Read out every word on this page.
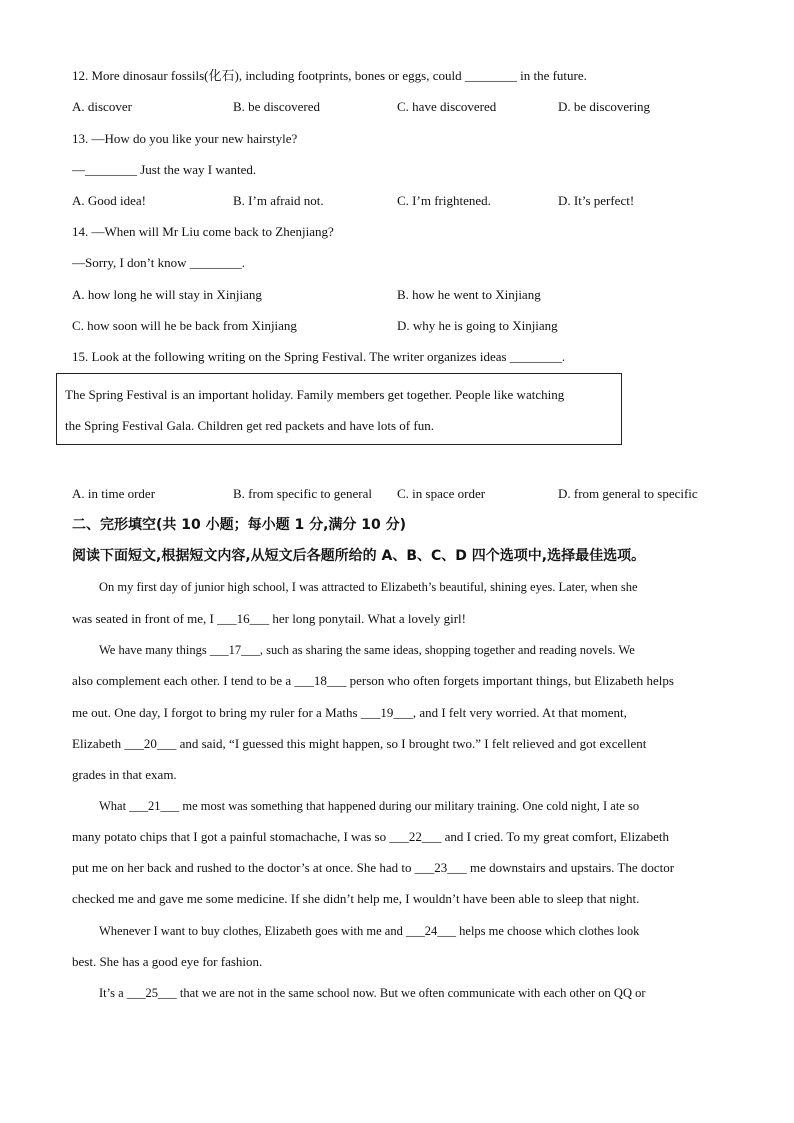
12. More dinosaur fossils(化石), including footprints, bones or eggs, could ________ in the future.
A. discover	B. be discovered	C. have discovered	D. be discovering
13. —How do you like your new hairstyle?
—________ Just the way I wanted.
A. Good idea!	B. I’m afraid not.	C. I’m frightened.	D. It’s perfect!
14. —When will Mr Liu come back to Zhenjiang?
—Sorry, I don’t know ________.
A. how long he will stay in Xinjiang	B. how he went to Xinjiang
C. how soon will he be back from Xinjiang	D. why he is going to Xinjiang
15. Look at the following writing on the Spring Festival. The writer organizes ideas ________.
The Spring Festival is an important holiday. Family members get together. People like watching
the Spring Festival Gala. Children get red packets and have lots of fun.
A. in time order	B. from specific to general C. in space order	D. from general to specific
二、完形填空(共 10 小题；每小题 1 分,满分 10 分)
阅读下面短文,根据短文内容,从短文后各题所给的 A、B、C、D 四个选项中,选择最佳选项。
On my first day of junior high school, I was attracted to Elizabeth’s beautiful, shining eyes. Later, when she
was seated in front of me, I ___16___ her long ponytail. What a lovely girl!
We have many things ___17___, such as sharing the same ideas, shopping together and reading novels. We
also complement each other. I tend to be a ___18___ person who often forgets important things, but Elizabeth helps
me out. One day, I forgot to bring my ruler for a Maths ___19___, and I felt very worried. At that moment,
Elizabeth ___20___ and said, “I guessed this might happen, so I brought two.” I felt relieved and got excellent
grades in that exam.
What ___21___ me most was something that happened during our military training. One cold night, I ate so
many potato chips that I got a painful stomachache, I was so ___22___ and I cried. To my great comfort, Elizabeth
put me on her back and rushed to the doctor’s at once. She had to ___23___ me downstairs and upstairs. The doctor
checked me and gave me some medicine. If she didn’t help me, I wouldn’t have been able to sleep that night.
Whenever I want to buy clothes, Elizabeth goes with me and ___24___ helps me choose which clothes look
best. She has a good eye for fashion.
It’s a ___25___ that we are not in the same school now. But we often communicate with each other on QQ or
